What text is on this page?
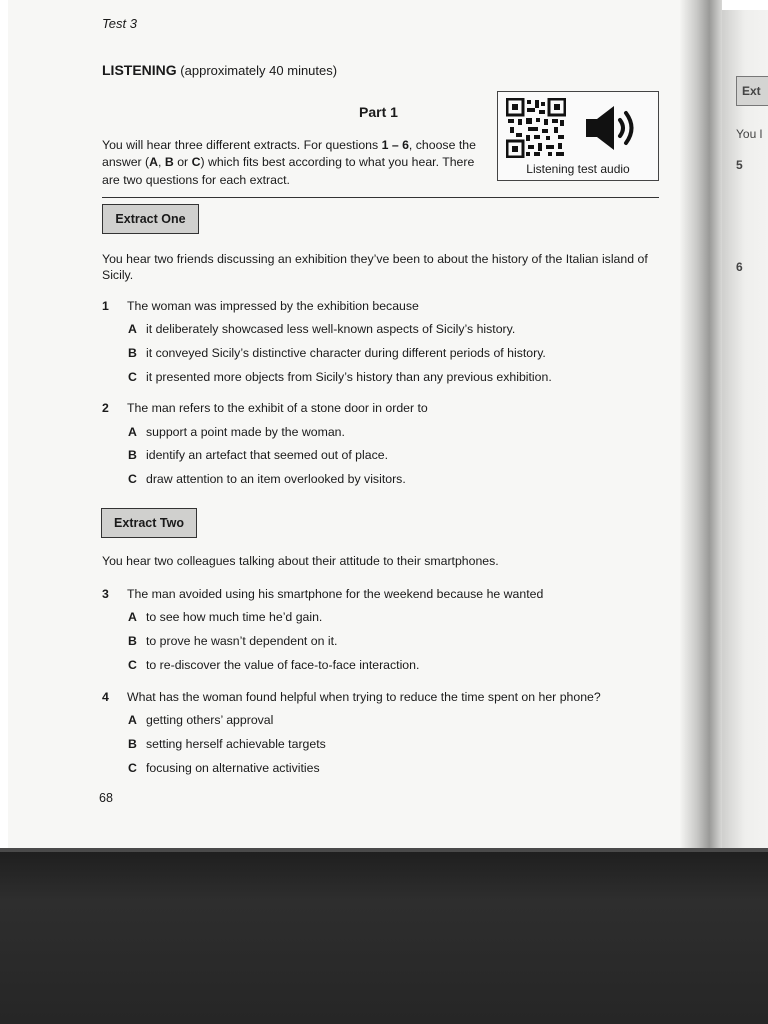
Ext
You l
5
6
Test 3
LISTENING (approximately 40 minutes)
Part 1
You will hear three different extracts. For questions 1 – 6, choose the answer (A, B or C) which fits best according to what you hear. There are two questions for each extract.
Listening test audio
Extract One
You hear two friends discussing an exhibition they’ve been to about the history of the Italian island of Sicily.
1 The woman was impressed by the exhibition because
A it deliberately showcased less well-known aspects of Sicily’s history.
B it conveyed Sicily’s distinctive character during different periods of history.
C it presented more objects from Sicily’s history than any previous exhibition.
2 The man refers to the exhibit of a stone door in order to
A support a point made by the woman.
B identify an artefact that seemed out of place.
C draw attention to an item overlooked by visitors.
Extract Two
You hear two colleagues talking about their attitude to their smartphones.
3 The man avoided using his smartphone for the weekend because he wanted
A to see how much time he’d gain.
B to prove he wasn’t dependent on it.
C to re-discover the value of face-to-face interaction.
4 What has the woman found helpful when trying to reduce the time spent on her phone?
A getting others’ approval
B setting herself achievable targets
C focusing on alternative activities
68
